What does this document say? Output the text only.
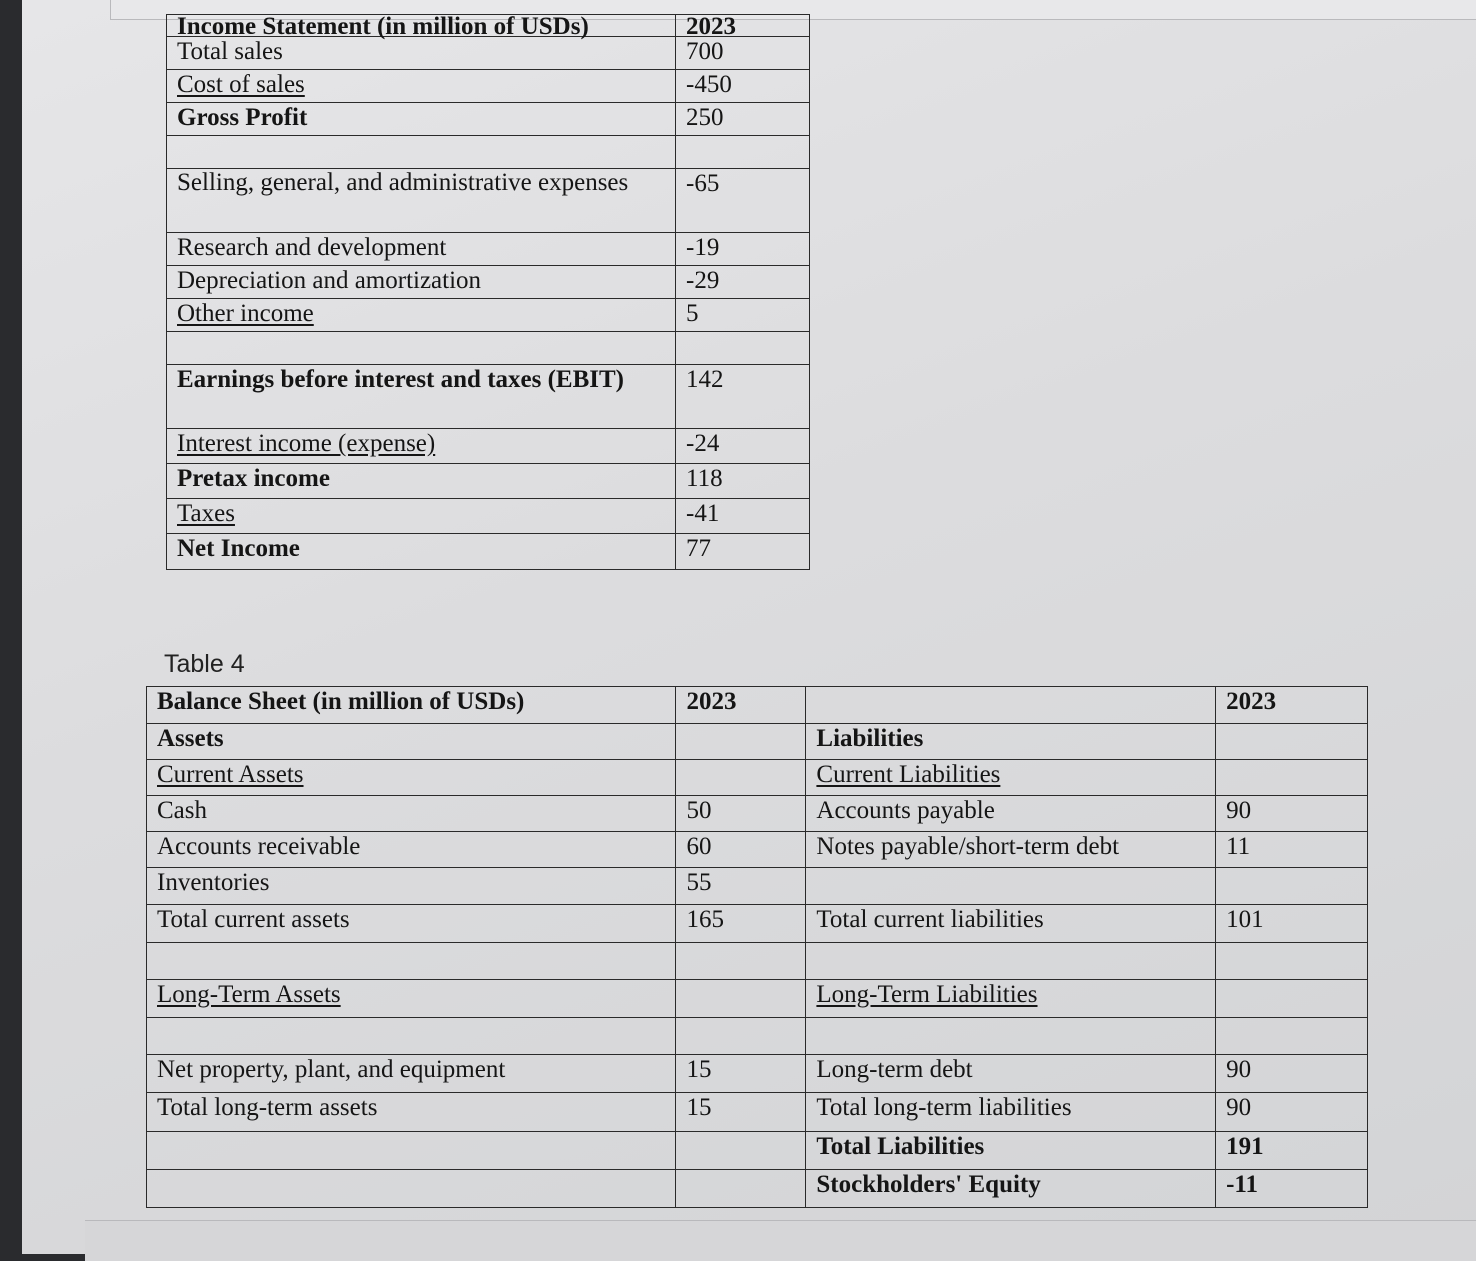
Income Statement (in million of USDs)	2023
Total sales	700
Cost of sales	-450
Gross Profit	250

Selling, general, and administrative expenses	-65
Research and development	-19
Depreciation and amortization	-29
Other income	5

Earnings before interest and taxes (EBIT)	142
Interest income (expense)	-24
Pretax income	118
Taxes	-41
Net Income	77
Table 4
Balance Sheet (in million of USDs)	2023		2023
Assets		Liabilities	
Current Assets		Current Liabilities	
Cash	50	Accounts payable	90
Accounts receivable	60	Notes payable/short-term debt	11
Inventories	55		
Total current assets	165	Total current liabilities	101

Long-Term Assets		Long-Term Liabilities	

Net property, plant, and equipment	15	Long-term debt	90
Total long-term assets	15	Total long-term liabilities	90
		Total Liabilities	191
		Stockholders' Equity	-11
